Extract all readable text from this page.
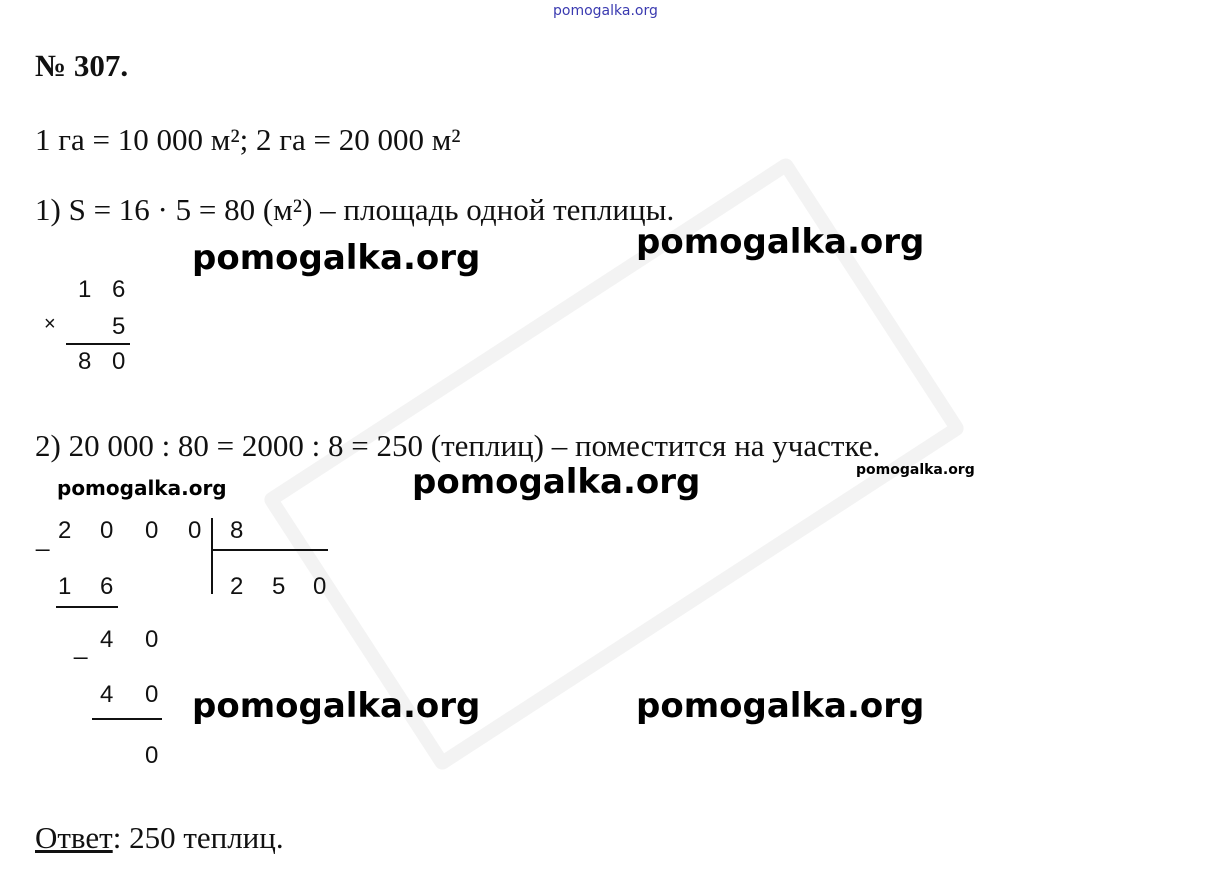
pomogalka.org
№ 307.
1 га = 10 000 м²; 2 га = 20 000 м²
1) S = 16 · 5 = 80 (м²) – площадь одной теплицы.
pomogalka.org	pomogalka.org
1 6
× 5
8 0
2) 20 000 : 80 = 2000 : 8 = 250 (теплиц) – поместится на участке.
pomogalka.org	pomogalka.org	pomogalka.org
_ 2 0 0 0 8
2 5 0
1 6
_ 4 0
4 0
0
pomogalka.org	pomogalka.org
Ответ: 250 теплиц.
